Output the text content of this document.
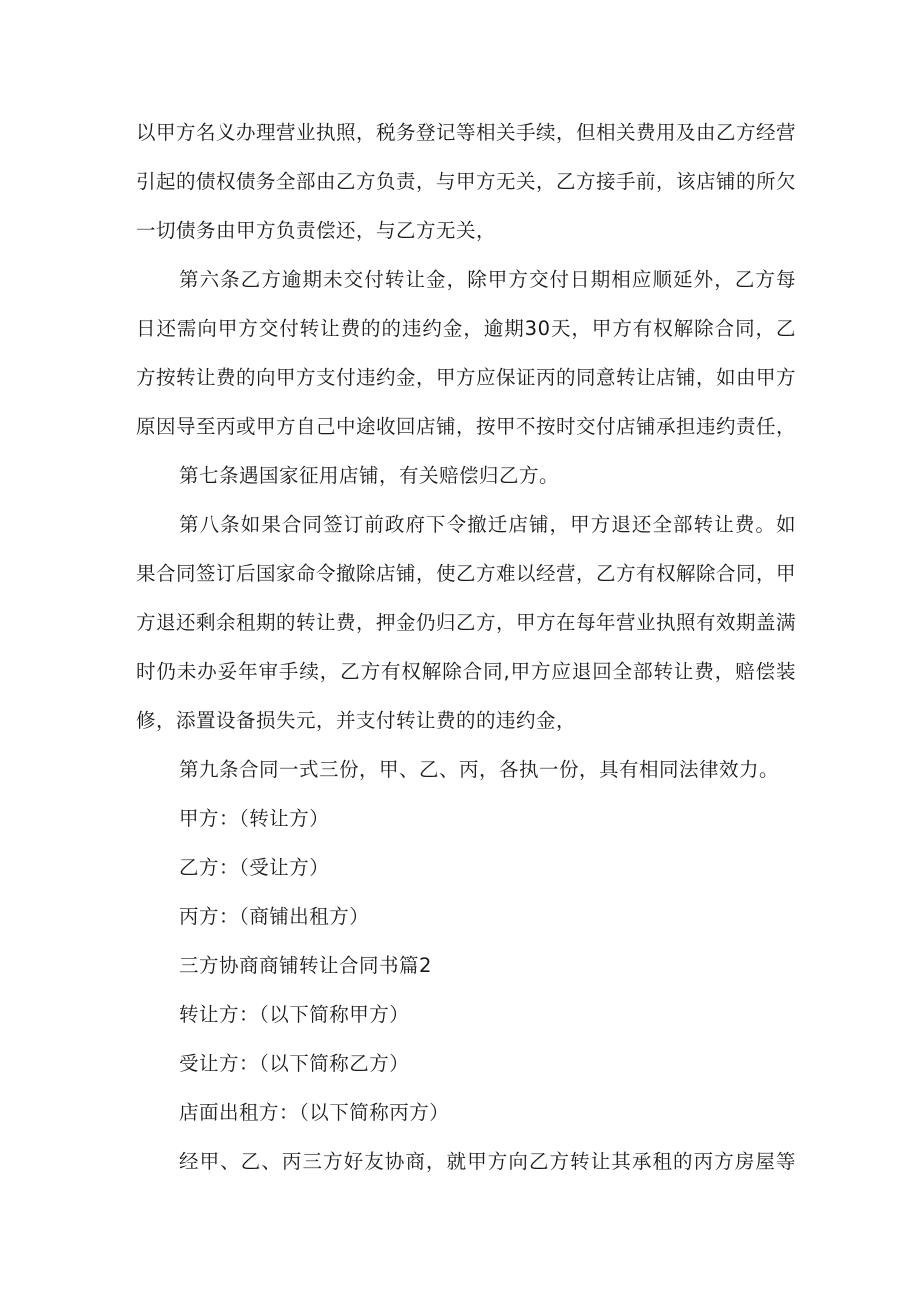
以甲方名义办理营业执照，税务登记等相关手续，但相关费用及由乙方经营
引起的债权债务全部由乙方负责，与甲方无关，乙方接手前，该店铺的所欠
一切债务由甲方负责偿还，与乙方无关，
第六条乙方逾期未交付转让金，除甲方交付日期相应顺延外，乙方每
日还需向甲方交付转让费的的违约金，逾期30天，甲方有权解除合同，乙
方按转让费的向甲方支付违约金，甲方应保证丙的同意转让店铺，如由甲方
原因导至丙或甲方自己中途收回店铺，按甲不按时交付店铺承担违约责任，
第七条遇国家征用店铺，有关赔偿归乙方。
第八条如果合同签订前政府下令撤迁店铺，甲方退还全部转让费。如
果合同签订后国家命令撤除店铺，使乙方难以经营，乙方有权解除合同，甲
方退还剩余租期的转让费，押金仍归乙方，甲方在每年营业执照有效期盖满
时仍未办妥年审手续，乙方有权解除合同,甲方应退回全部转让费，赔偿装
修，添置设备损失元，并支付转让费的的违约金，
第九条合同一式三份，甲、乙、丙，各执一份，具有相同法律效力。
甲方：（转让方）
乙方：（受让方）
丙方：（商铺出租方）
三方协商商铺转让合同书篇2
转让方：（以下简称甲方）
受让方：（以下简称乙方）
店面出租方：（以下简称丙方）
经甲、乙、丙三方好友协商，就甲方向乙方转让其承租的丙方房屋等
